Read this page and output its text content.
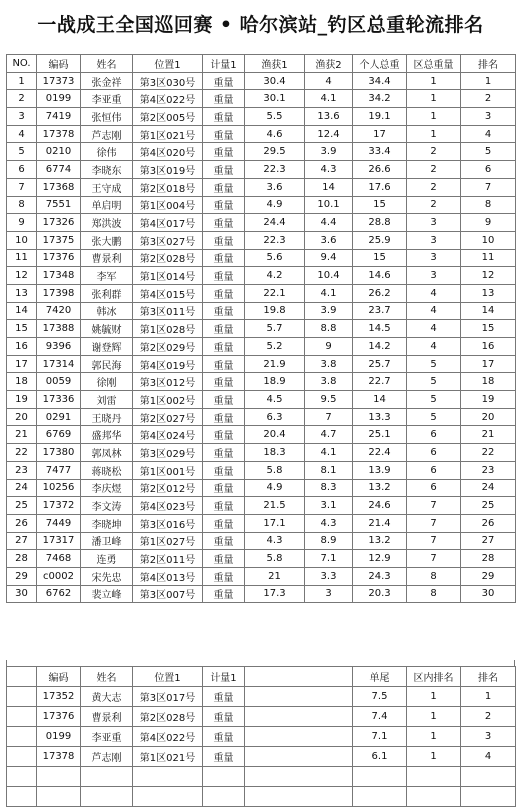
一战成王全国巡回赛 • 哈尔滨站_钓区总重轮流排名
NO.	编码	姓名	位置1	计量1	渔获1	渔获2	个人总重	区总重量	排名
1	17373	张金祥	第3区030号	重量	30.4	4	34.4	1	1
2	0199	李亚重	第4区022号	重量	30.1	4.1	34.2	1	2
3	7419	张恒伟	第2区005号	重量	5.5	13.6	19.1	1	3
4	17378	芦志刚	第1区021号	重量	4.6	12.4	17	1	4
5	0210	徐伟	第4区020号	重量	29.5	3.9	33.4	2	5
6	6774	李晓东	第3区019号	重量	22.3	4.3	26.6	2	6
7	17368	王守成	第2区018号	重量	3.6	14	17.6	2	7
8	7551	单启明	第1区004号	重量	4.9	10.1	15	2	8
9	17326	郑洪波	第4区017号	重量	24.4	4.4	28.8	3	9
10	17375	张大鹏	第3区027号	重量	22.3	3.6	25.9	3	10
11	17376	曹景利	第2区028号	重量	5.6	9.4	15	3	11
12	17348	李军	第1区014号	重量	4.2	10.4	14.6	3	12
13	17398	张利群	第4区015号	重量	22.1	4.1	26.2	4	13
14	7420	韩冰	第3区011号	重量	19.8	3.9	23.7	4	14
15	17388	姚毓财	第1区028号	重量	5.7	8.8	14.5	4	15
16	9396	谢登辉	第2区029号	重量	5.2	9	14.2	4	16
17	17314	郭民海	第4区019号	重量	21.9	3.8	25.7	5	17
18	0059	徐刚	第3区012号	重量	18.9	3.8	22.7	5	18
19	17336	刘雷	第1区002号	重量	4.5	9.5	14	5	19
20	0291	王晓丹	第2区027号	重量	6.3	7	13.3	5	20
21	6769	盛邦华	第4区024号	重量	20.4	4.7	25.1	6	21
22	17380	郭凤林	第3区029号	重量	18.3	4.1	22.4	6	22
23	7477	蒋晓松	第1区001号	重量	5.8	8.1	13.9	6	23
24	10256	李庆煜	第2区012号	重量	4.9	8.3	13.2	6	24
25	17372	李文涛	第4区023号	重量	21.5	3.1	24.6	7	25
26	7449	李晓坤	第3区016号	重量	17.1	4.3	21.4	7	26
27	17317	潘卫峰	第1区027号	重量	4.3	8.9	13.2	7	27
28	7468	连勇	第2区011号	重量	5.8	7.1	12.9	7	28
29	c0002	宋先忠	第4区013号	重量	21	3.3	24.3	8	29
30	6762	裴立峰	第3区007号	重量	17.3	3	20.3	8	30
	编码	姓名	位置1	计量1		单尾	区内排名	排名
	17352	黄大志	第3区017号	重量		7.5	1	1
	17376	曹景利	第2区028号	重量		7.4	1	2
	0199	李亚重	第4区022号	重量		7.1	1	3
	17378	芦志刚	第1区021号	重量		6.1	1	4
